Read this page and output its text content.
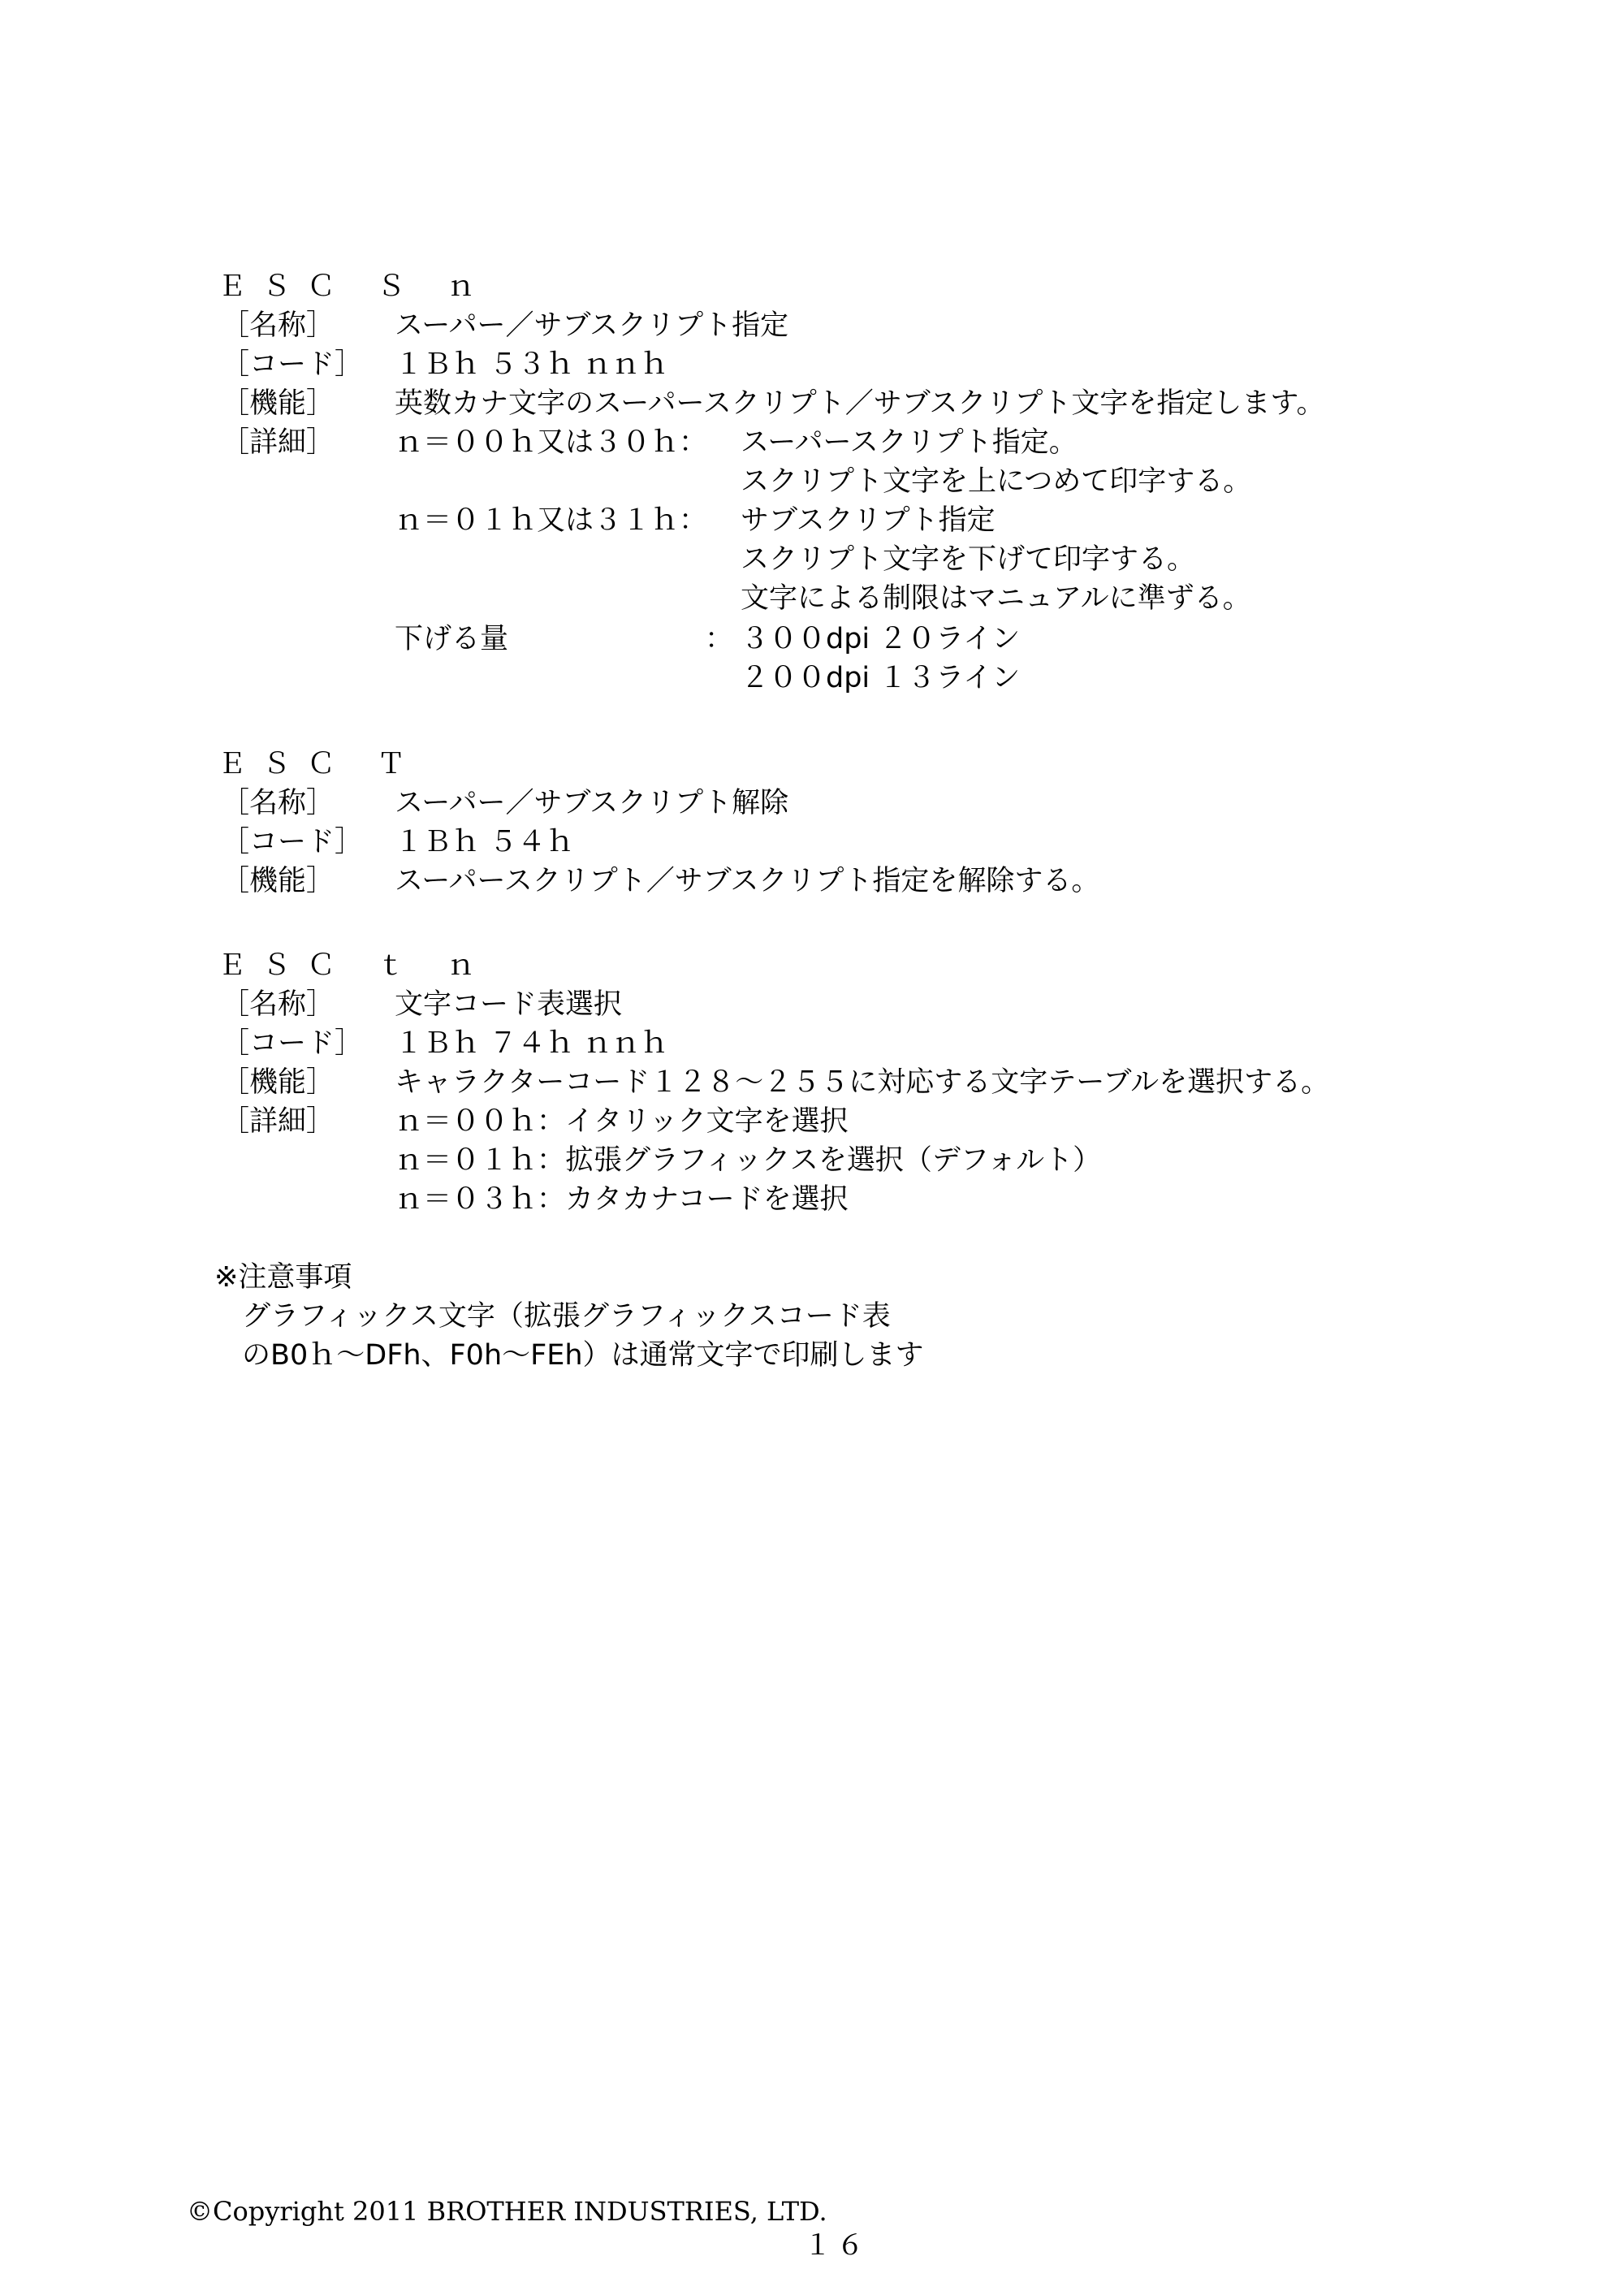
ＥＳＣ Ｓ ｎ
［名称］ スーパー／サブスクリプト指定
［コード］ １Ｂｈ ５３ｈ ｎｎｈ
［機能］ 英数カナ文字のスーパースクリプト／サブスクリプト文字を指定します。
［詳細］ ｎ＝００ｈ又は３０ｈ： スーパースクリプト指定。
スクリプト文字を上につめて印字する。
ｎ＝０１ｈ又は３１ｈ： サブスクリプト指定
スクリプト文字を下げて印字する。
文字による制限はマニュアルに準ずる。
下げる量	： ３００dpi ２０ライン
２００dpi １３ライン
ＥＳＣ Ｔ
［名称］ スーパー／サブスクリプト解除
［コード］ １Ｂｈ ５４ｈ
［機能］ スーパースクリプト／サブスクリプト指定を解除する。
ＥＳＣ ｔ ｎ
［名称］ 文字コード表選択
［コード］ １Ｂｈ ７４ｈ ｎｎｈ
［機能］ キャラクターコード１２８～２５５に対応する文字テーブルを選択する。
［詳細］ ｎ＝００ｈ：イタリック文字を選択
ｎ＝０１ｈ：拡張グラフィックスを選択（デフォルト）
ｎ＝０３ｈ：カタカナコードを選択
※注意事項
グラフィックス文字（拡張グラフィックスコード表
のB0ｈ～DFh、F0h～FEh）は通常文字で印刷します
©Copyright 2011 BROTHER INDUSTRIES, LTD.
１６
